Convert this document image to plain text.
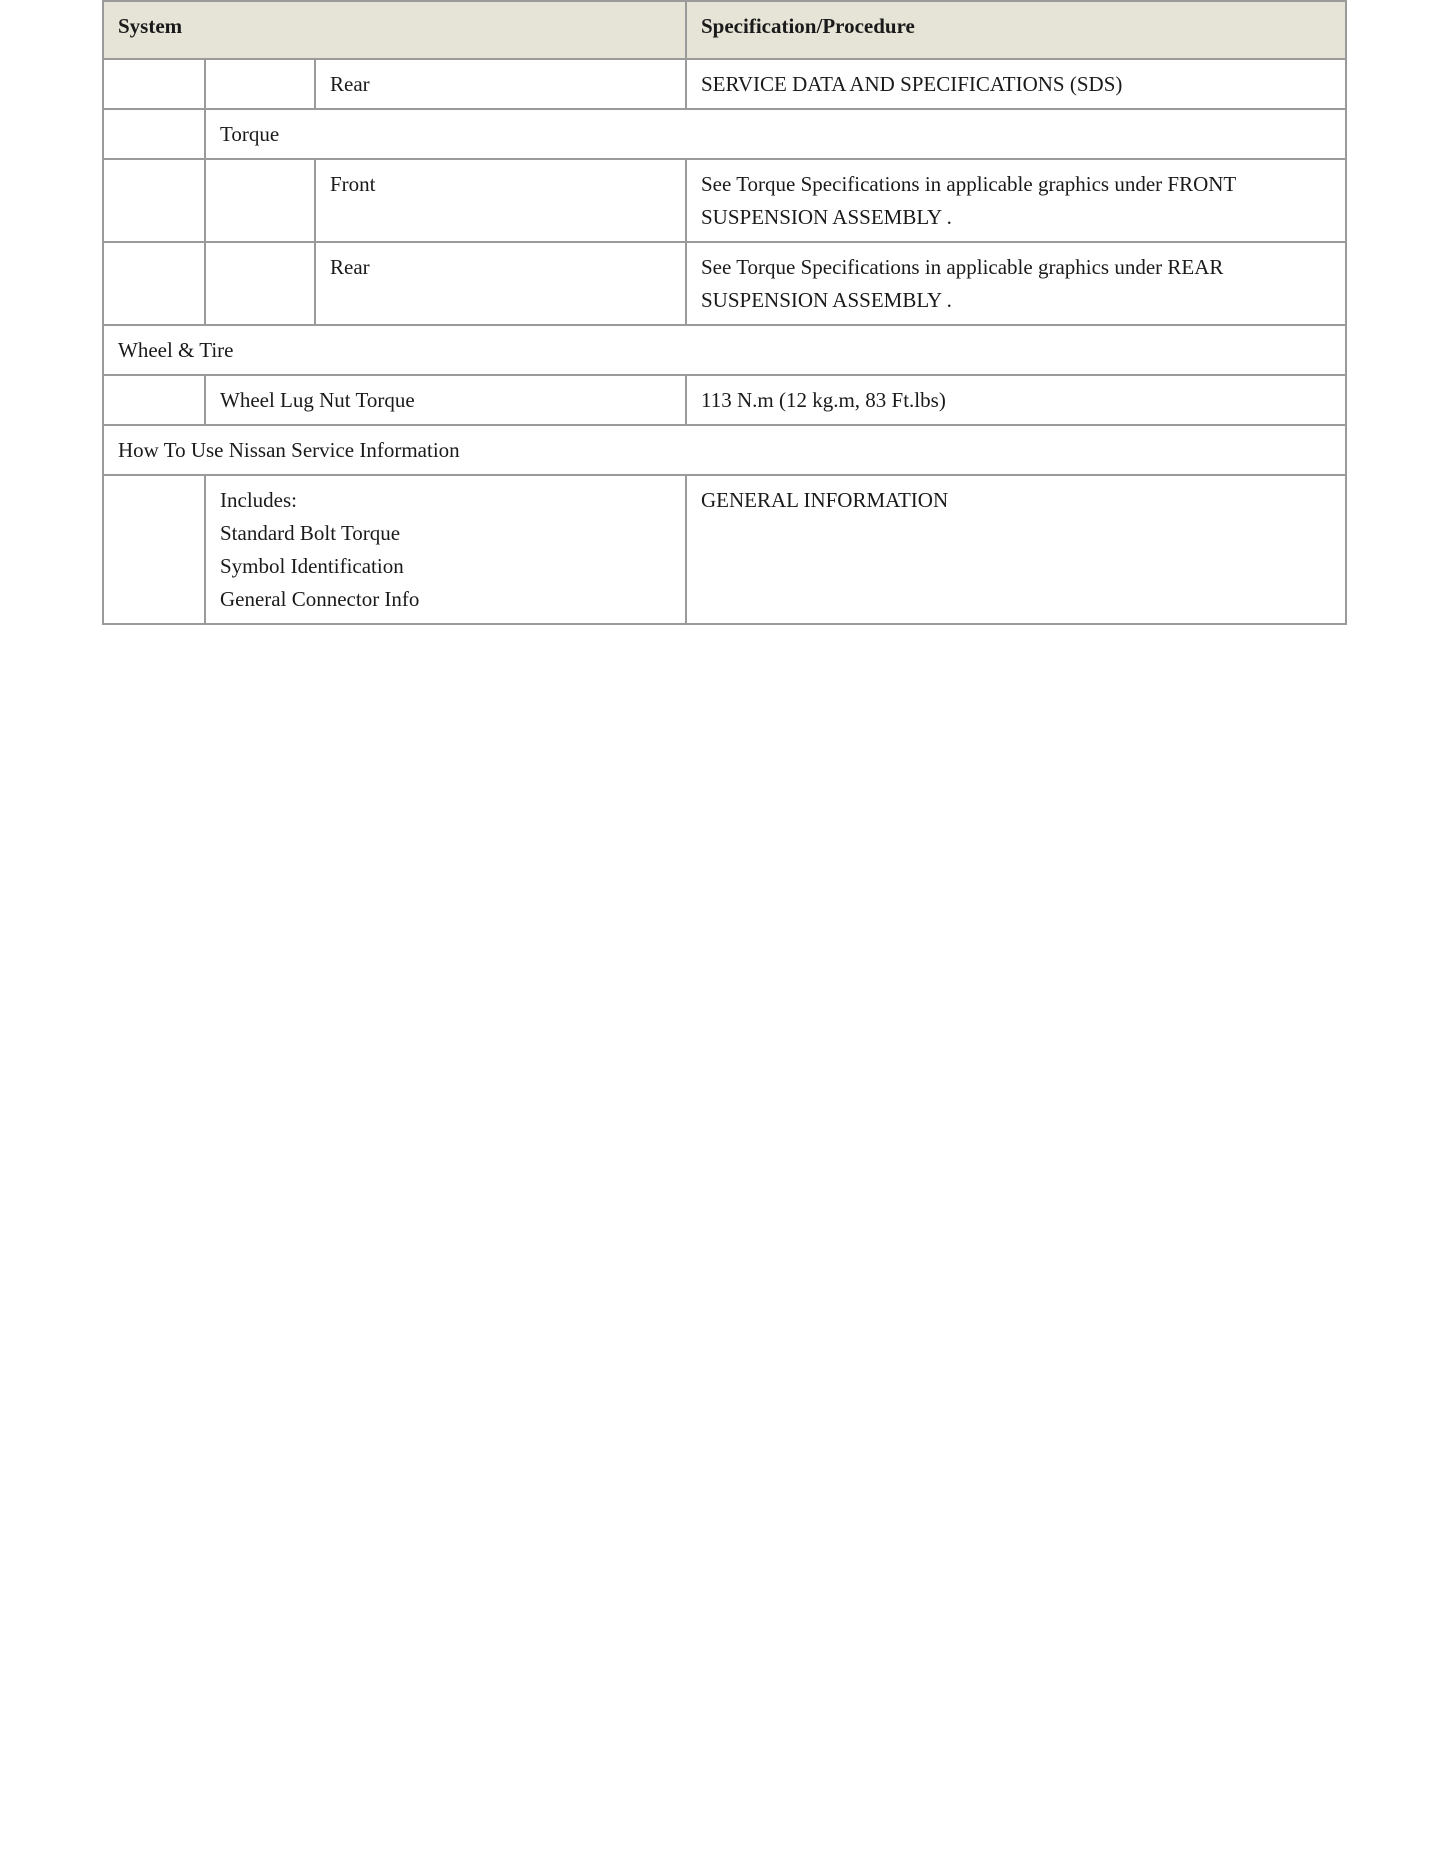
System			Specification/Procedure
		Rear	SERVICE DATA AND SPECIFICATIONS (SDS)
	Torque		
		Front	See Torque Specifications in applicable graphics under FRONT
SUSPENSION ASSEMBLY .

		Rear	See Torque Specifications in applicable graphics under REAR
SUSPENSION ASSEMBLY .

Wheel & Tire			
	Wheel Lug Nut Torque		113 N.m (12 kg.m, 83 Ft.lbs)
How To Use Nissan Service Information			

	Includes:
Standard Bolt Torque
Symbol Identification
General Connector Info		GENERAL INFORMATION
